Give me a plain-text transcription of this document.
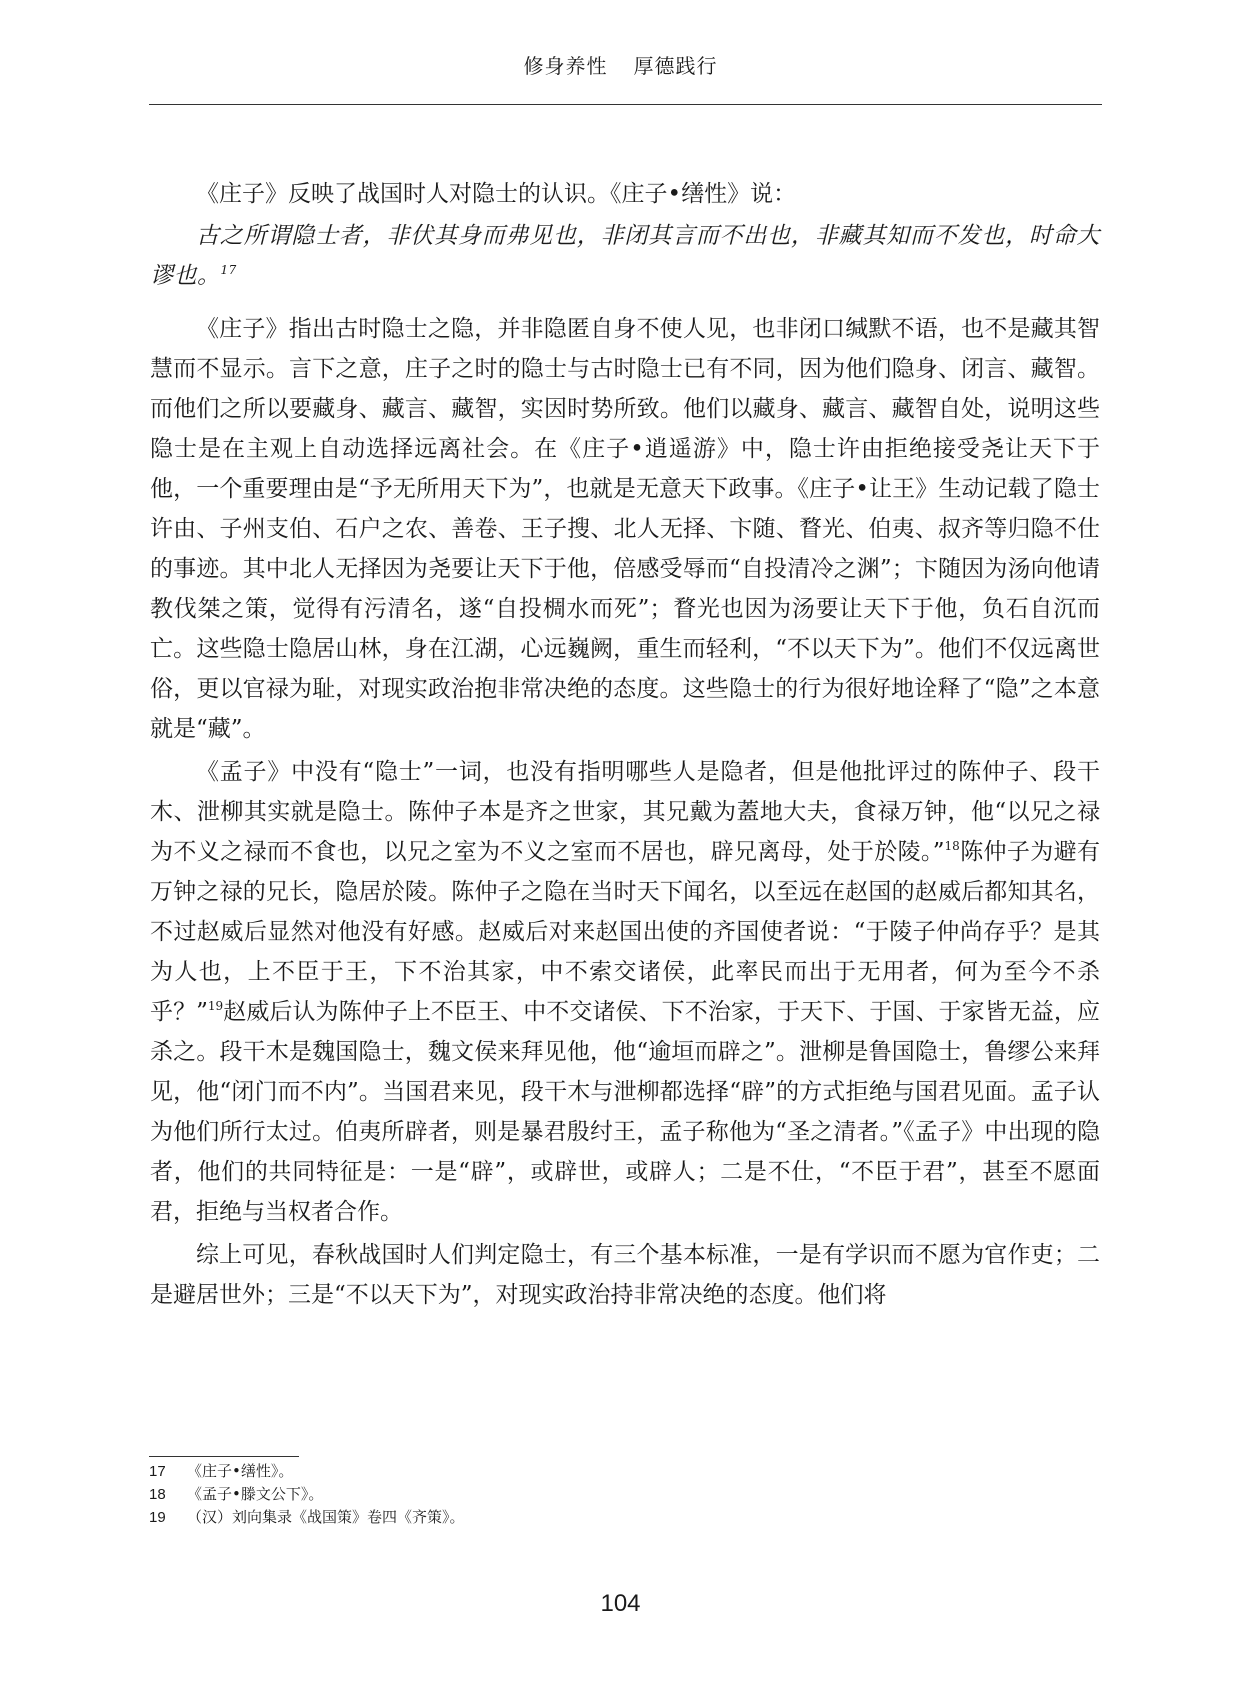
修身养性 厚德践行

《庄子》反映了战国时人对隐士的认识。《庄子•缮性》说：

古之所谓隐士者，非伏其身而弗见也，非闭其言而不出也，非藏其知而不发也，时命大谬也。$^{17}$

《庄子》指出古时隐士之隐，并非隐匿自身不使人见，也非闭口缄默不语，也不是藏其智慧而不显示。言下之意，庄子之时的隐士与古时隐士已有不同，因为他们隐身、闭言、藏智。而他们之所以要藏身、藏言、藏智，实因时势所致。他们以藏身、藏言、藏智自处，说明这些隐士是在主观上自动选择远离社会。在《庄子•逍遥游》中，隐士许由拒绝接受尧让天下于他，一个重要理由是“予无所用天下为”，也就是无意天下政事。《庄子•让王》生动记载了隐士许由、子州支伯、石户之农、善卷、王子搜、北人无择、卞随、瞀光、伯夷、叔齐等归隐不仕的事迹。其中北人无择因为尧要让天下于他，倍感受辱而“自投清冷之渊”；卞随因为汤向他请教伐桀之策，觉得有污清名，遂“自投椆水而死”；瞀光也因为汤要让天下于他，负石自沉而亡。这些隐士隐居山林，身在江湖，心远巍阙，重生而轻利，“不以天下为”。他们不仅远离世俗，更以官禄为耻，对现实政治抱非常决绝的态度。这些隐士的行为很好地诠释了“隐”之本意就是“藏”。

《孟子》中没有“隐士”一词，也没有指明哪些人是隐者，但是他批评过的陈仲子、段干木、泄柳其实就是隐士。陈仲子本是齐之世家，其兄戴为蓋地大夫，食禄万钟，他“以兄之禄为不义之禄而不食也，以兄之室为不义之室而不居也，辟兄离母，处于於陵。”$^{18}$陈仲子为避有万钟之禄的兄长，隐居於陵。陈仲子之隐在当时天下闻名，以至远在赵国的赵威后都知其名，不过赵威后显然对他没有好感。赵威后对来赵国出使的齐国使者说：“于陵子仲尚存乎？是其为人也，上不臣于王，下不治其家，中不索交诸侯，此率民而出于无用者，何为至今不杀乎？”$^{19}$赵威后认为陈仲子上不臣王、中不交诸侯、下不治家，于天下、于国、于家皆无益，应杀之。段干木是魏国隐士，魏文侯来拜见他，他“逾垣而辟之”。泄柳是鲁国隐士，鲁缪公来拜见，他“闭门而不内”。当国君来见，段干木与泄柳都选择“辟”的方式拒绝与国君见面。孟子认为他们所行太过。伯夷所辟者，则是暴君殷纣王，孟子称他为“圣之清者。”《孟子》中出现的隐者，他们的共同特征是：一是“辟”，或辟世，或辟人；二是不仕，“不臣于君”，甚至不愿面君，拒绝与当权者合作。

综上可见，春秋战国时人们判定隐士，有三个基本标准，一是有学识而不愿为官作吏；二是避居世外；三是“不以天下为”，对现实政治持非常决绝的态度。他们将

17 《庄子•缮性》。
18 《孟子•滕文公下》。
19 （汉）刘向集录《战国策》卷四《齐策》。
104
